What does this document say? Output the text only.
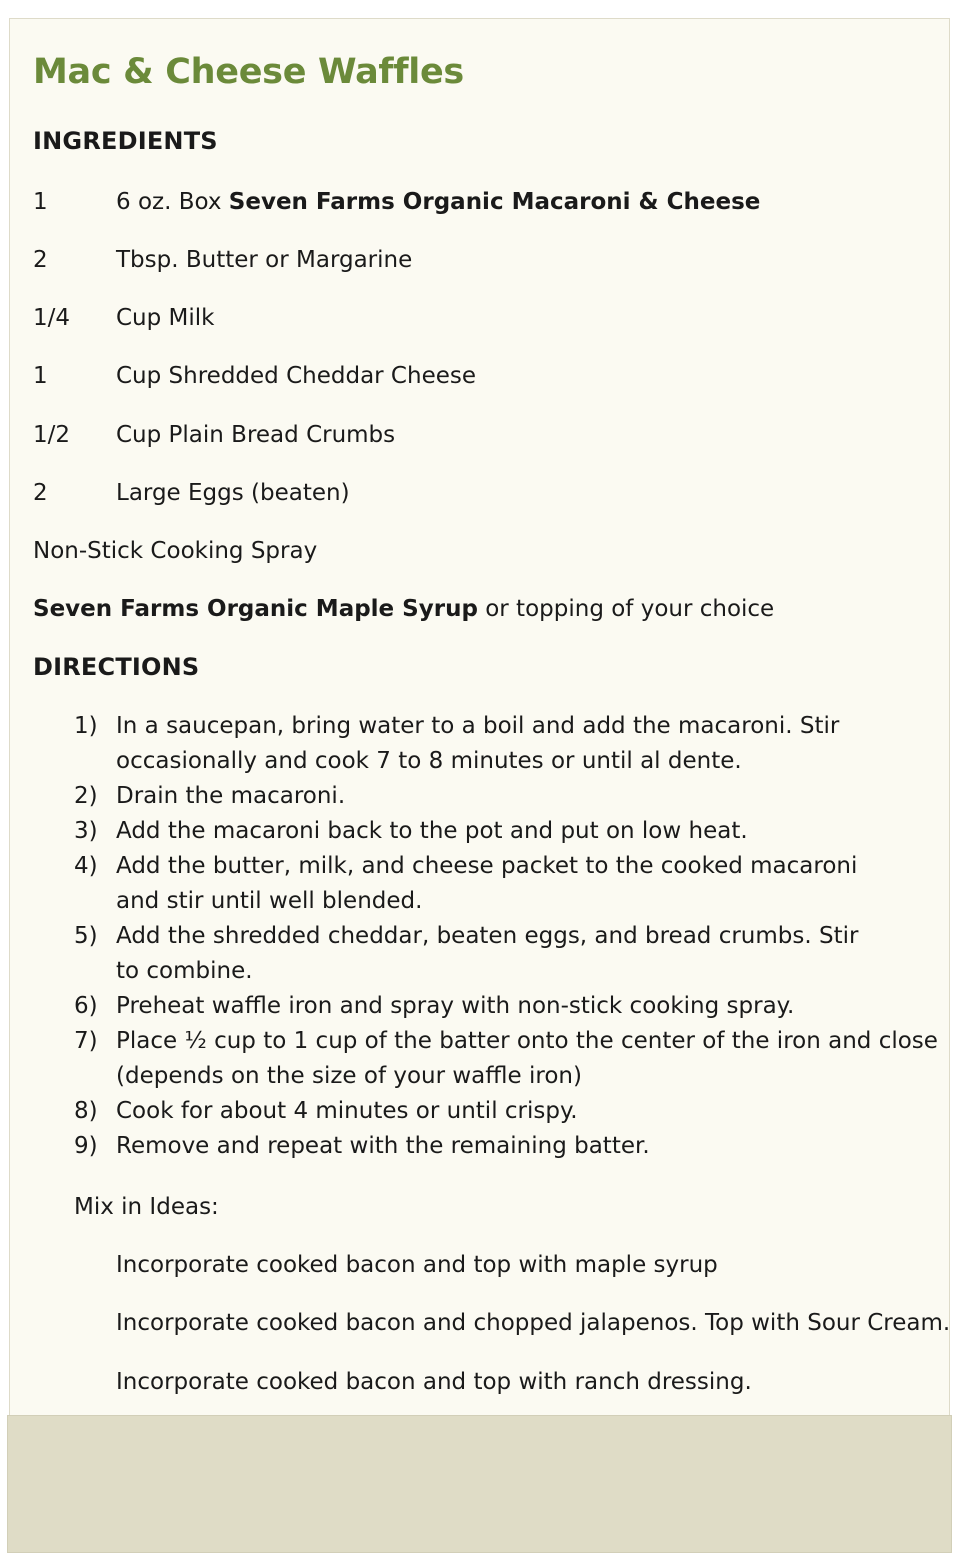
Mac & Cheese Waffles
INGREDIENTS
1	6 oz. Box Seven Farms Organic Macaroni & Cheese
2	Tbsp. Butter or Margarine
1/4 Cup Milk
1	Cup Shredded Cheddar Cheese
1/2 Cup Plain Bread Crumbs
2	Large Eggs (beaten)
Non-Stick Cooking Spray
Seven Farms Organic Maple Syrup or topping of your choice
DIRECTIONS
1) In a saucepan, bring water to a boil and add the macaroni. Stir
occasionally and cook 7 to 8 minutes or until al dente.
2) Drain the macaroni.
3) Add the macaroni back to the pot and put on low heat.
4) Add the butter, milk, and cheese packet to the cooked macaroni
and stir until well blended.
5) Add the shredded cheddar, beaten eggs, and bread crumbs. Stir
to combine.
6) Preheat waffle iron and spray with non-stick cooking spray.
7) Place ½ cup to 1 cup of the batter onto the center of the iron and close
(depends on the size of your waffle iron)
8) Cook for about 4 minutes or until crispy.
9) Remove and repeat with the remaining batter.
Mix in Ideas:
Incorporate cooked bacon and top with maple syrup
Incorporate cooked bacon and chopped jalapenos. Top with Sour Cream.
Incorporate cooked bacon and top with ranch dressing.
